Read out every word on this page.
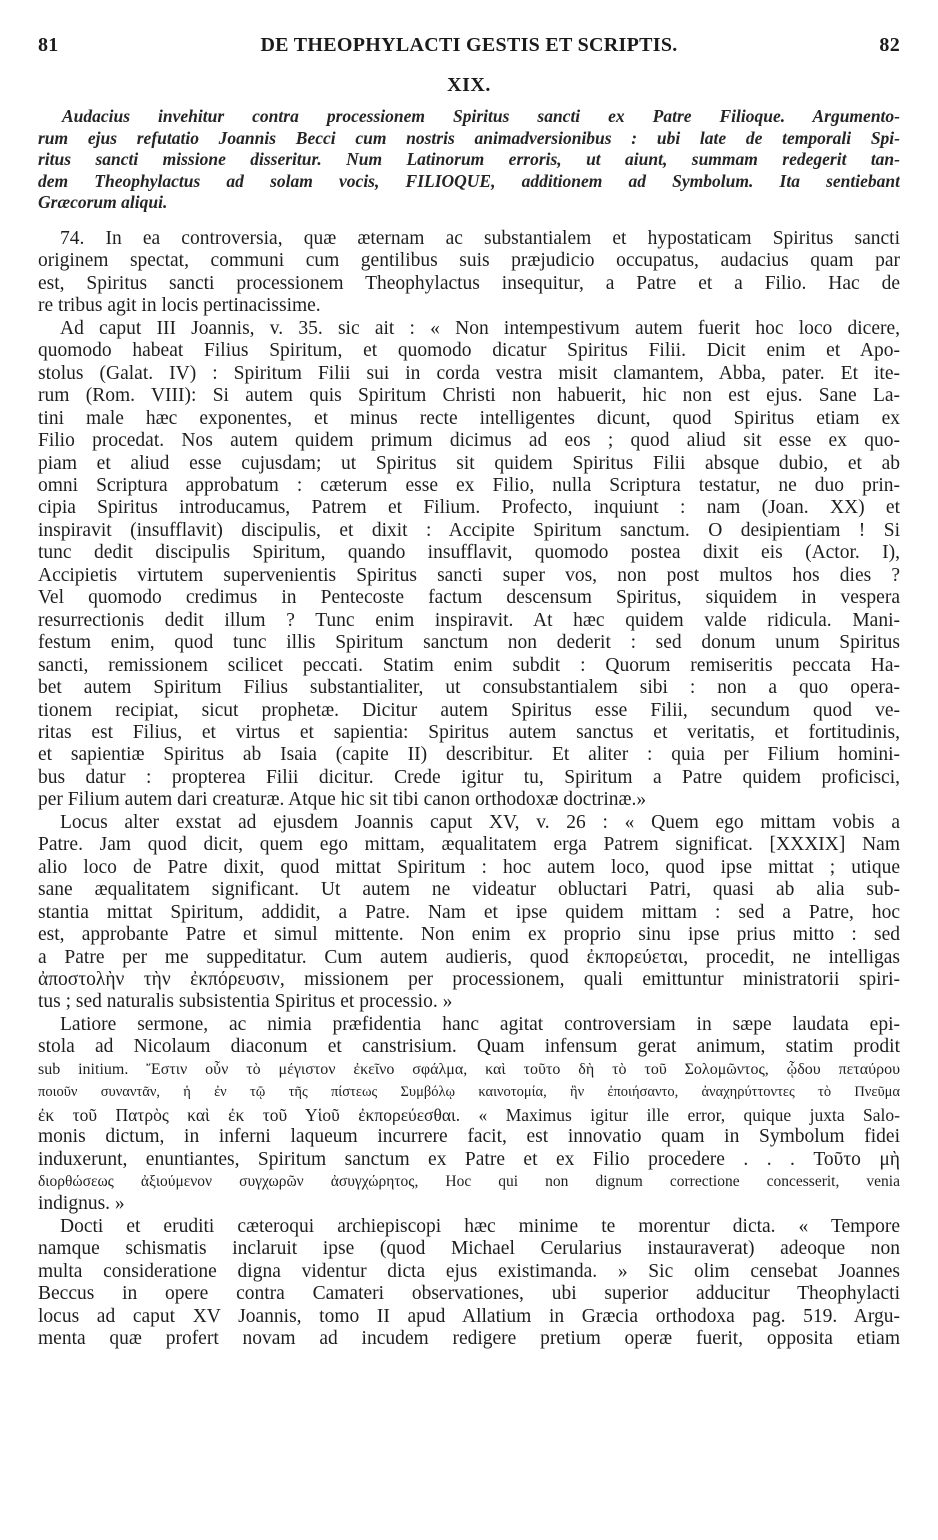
81	DE THEOPHYLACTI GESTIS ET SCRIPTIS.	82
XIX.
Audacius invehitur contra processionem Spiritus sancti ex Patre Filioque. Argumento-
rum ejus refutatio Joannis Becci cum nostris animadversionibus : ubi late de temporali Spi-
ritus sancti missione disseritur. Num Latinorum erroris, ut aiunt, summam redegerit tan-
dem Theophylactus ad solam vocis, FILIOQUE, additionem ad Symbolum. Ita sentiebant
Græcorum aliqui.
74. In ea controversia, quæ æternam ac substantialem et hypostaticam Spiritus sancti
originem spectat, communi cum gentilibus suis præjudicio occupatus, audacius quam par
est, Spiritus sancti processionem Theophylactus insequitur, a Patre et a Filio. Hac de
re tribus agit in locis pertinacissime.
Ad caput III Joannis, v. 35. sic ait : « Non intempestivum autem fuerit hoc loco dicere,
quomodo habeat Filius Spiritum, et quomodo dicatur Spiritus Filii. Dicit enim et Apo-
stolus (Galat. IV) : Spiritum Filii sui in corda vestra misit clamantem, Abba, pater. Et ite-
rum (Rom. VIII): Si autem quis Spiritum Christi non habuerit, hic non est ejus. Sane La-
tini male hæc exponentes, et minus recte intelligentes dicunt, quod Spiritus etiam ex
Filio procedat. Nos autem quidem primum dicimus ad eos ; quod aliud sit esse ex quo-
piam et aliud esse cujusdam; ut Spiritus sit quidem Spiritus Filii absque dubio, et ab
omni Scriptura approbatum : cæterum esse ex Filio, nulla Scriptura testatur, ne duo prin-
cipia Spiritus introducamus, Patrem et Filium. Profecto, inquiunt : nam (Joan. XX) et
inspiravit (insufflavit) discipulis, et dixit : Accipite Spiritum sanctum. O desipientiam ! Si
tunc dedit discipulis Spiritum, quando insufflavit, quomodo postea dixit eis (Actor. I),
Accipietis virtutem supervenientis Spiritus sancti super vos, non post multos hos dies ?
Vel quomodo credimus in Pentecoste factum descensum Spiritus, siquidem in vespera
resurrectionis dedit illum ? Tunc enim inspiravit. At hæc quidem valde ridicula. Mani-
festum enim, quod tunc illis Spiritum sanctum non dederit : sed donum unum Spiritus
sancti, remissionem scilicet peccati. Statim enim subdit : Quorum remiseritis peccata Ha-
bet autem Spiritum Filius substantialiter, ut consubstantialem sibi : non a quo opera-
tionem recipiat, sicut prophetæ. Dicitur autem Spiritus esse Filii, secundum quod ve-
ritas est Filius, et virtus et sapientia: Spiritus autem sanctus et veritatis, et fortitudinis,
et sapientiæ Spiritus ab Isaia (capite II) describitur. Et aliter : quia per Filium homini-
bus datur : propterea Filii dicitur. Crede igitur tu, Spiritum a Patre quidem proficisci,
per Filium autem dari creaturæ. Atque hic sit tibi canon orthodoxæ doctrinæ.»
Locus alter exstat ad ejusdem Joannis caput XV, v. 26 : « Quem ego mittam vobis a
Patre. Jam quod dicit, quem ego mittam, æqualitatem erga Patrem significat. [XXXIX] Nam
alio loco de Patre dixit, quod mittat Spiritum : hoc autem loco, quod ipse mittat ; utique
sane æqualitatem significant. Ut autem ne videatur obluctari Patri, quasi ab alia sub-
stantia mittat Spiritum, addidit, a Patre. Nam et ipse quidem mittam : sed a Patre, hoc
est, approbante Patre et simul mittente. Non enim ex proprio sinu ipse prius mitto : sed
a Patre per me suppeditatur. Cum autem audieris, quod ἐκπορεύεται, procedit, ne intelligas
ἀποστολὴν τὴν ἐκπόρευσιν, missionem per processionem, quali emittuntur ministratorii spiri-
tus ; sed naturalis subsistentia Spiritus et processio. »
Latiore sermone, ac nimia præfidentia hanc agitat controversiam in sæpe laudata epi-
stola ad Nicolaum diaconum et canstrisium. Quam infensum gerat animum, statim prodit
sub initium. Ἔστιν οὖν τὸ μέγιστον ἐκεῖνο σφάλμα, καὶ τοῦτο δὴ τὸ τοῦ Σολομῶντος, ᾧδου πεταύρου
ποιοῦν συναντᾶν, ἡ ἐν τῷ τῆς πίστεως Συμβόλῳ καινοτομία, ἣν ἐποιήσαντο, ἀναχηρύττοντες τὸ Πνεῦμα
ἐκ τοῦ Πατρὸς καὶ ἐκ τοῦ Υἱοῦ ἐκπορεύεσθαι. « Maximus igitur ille error, quique juxta Salo-
monis dictum, in inferni laqueum incurrere facit, est innovatio quam in Symbolum fidei
induxerunt, enuntiantes, Spiritum sanctum ex Patre et ex Filio procedere . . . Τοῦτο μὴ
διορθώσεως ἀξιούμενον συγχωρῶν ἀσυγχώρητος, Hoc qui non dignum correctione concesserit, venia
indignus. »
Docti et eruditi cæteroqui archiepiscopi hæc minime te morentur dicta. « Tempore
namque schismatis inclaruit ipse (quod Michael Cerularius instauraverat) adeoque non
multa consideratione digna videntur dicta ejus existimanda. » Sic olim censebat Joannes
Beccus in opere contra Camateri observationes, ubi superior adducitur Theophylacti
locus ad caput XV Joannis, tomo II apud Allatium in Græcia orthodoxa pag. 519. Argu-
menta quæ profert novam ad incudem redigere pretium operæ fuerit, opposita etiam
